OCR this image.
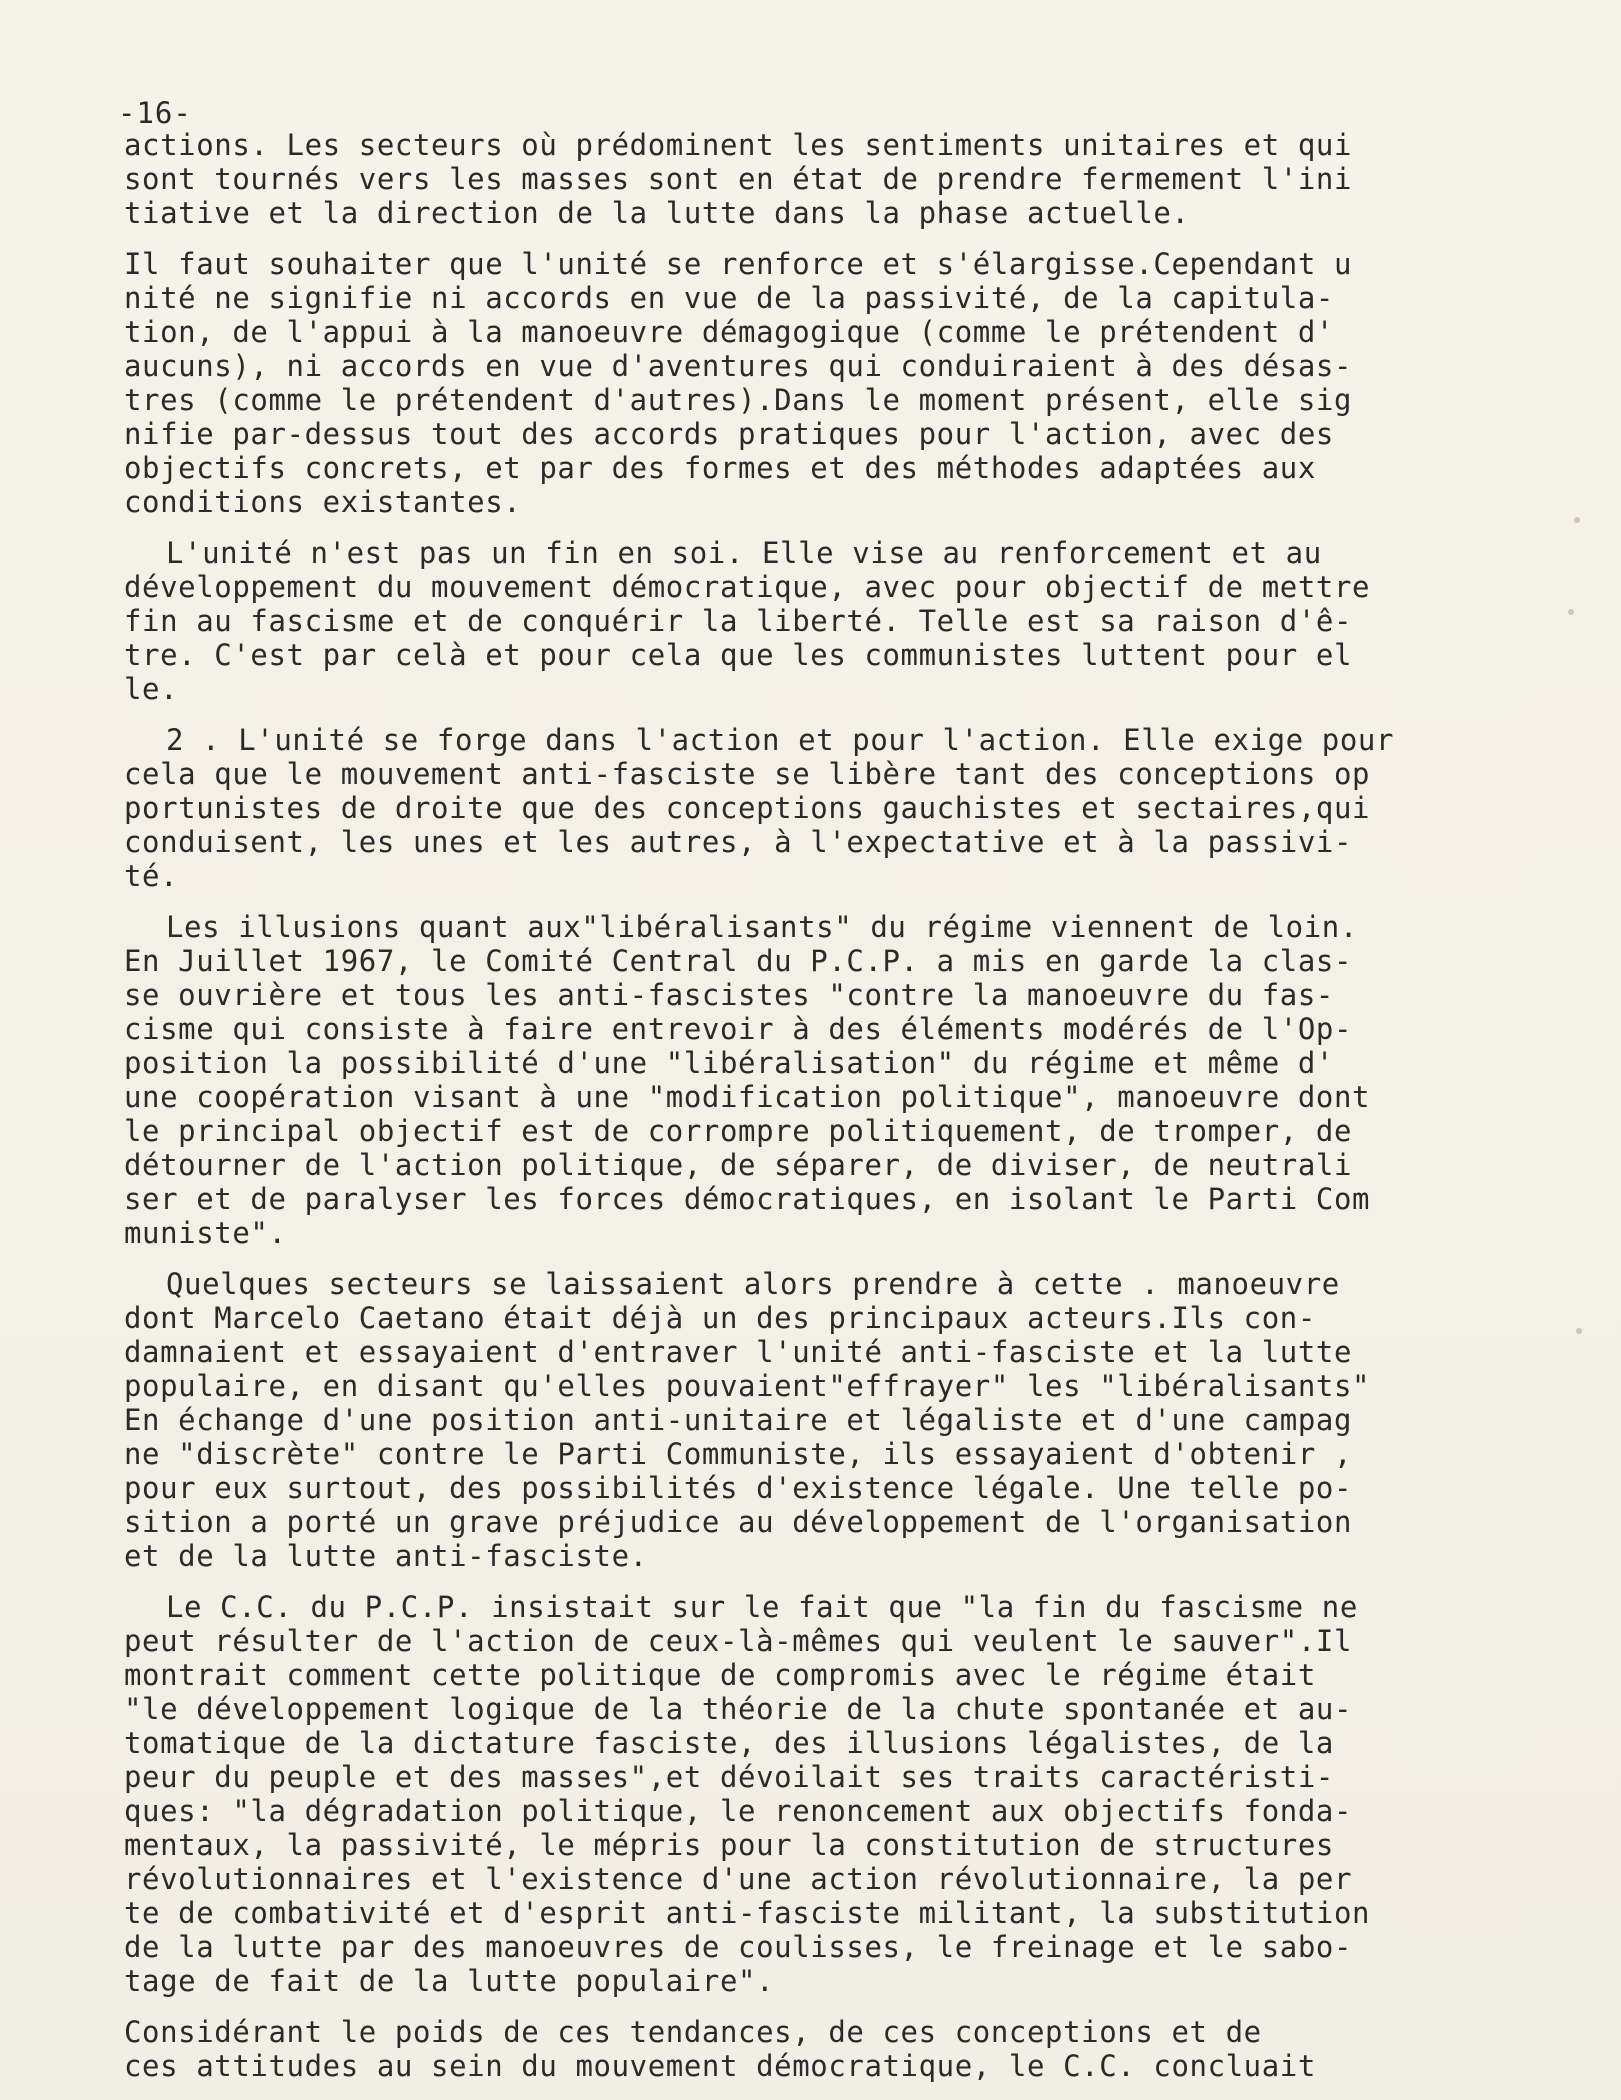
-16-
actions. Les secteurs où prédominent les sentiments unitaires et qui
sont tournés vers les masses sont en état de prendre fermement l'ini
tiative et la direction de la lutte dans la phase actuelle.
Il faut souhaiter que l'unité se renforce et s'élargisse.Cependant u
nité ne signifie ni accords en vue de la passivité, de la capitula-
tion, de l'appui à la manoeuvre démagogique (comme le prétendent d'
aucuns), ni accords en vue d'aventures qui conduiraient à des désas-
tres (comme le prétendent d'autres).Dans le moment présent, elle sig
nifie par-dessus tout des accords pratiques pour l'action, avec des
objectifs concrets, et par des formes et des méthodes adaptées aux
conditions existantes.
L'unité n'est pas un fin en soi. Elle vise au renforcement et au
développement du mouvement démocratique, avec pour objectif de mettre
fin au fascisme et de conquérir la liberté. Telle est sa raison d'ê-
tre. C'est par celà et pour cela que les communistes luttent pour el
le.
2 . L'unité se forge dans l'action et pour l'action. Elle exige pour
cela que le mouvement anti-fasciste se libère tant des conceptions op
portunistes de droite que des conceptions gauchistes et sectaires,qui
conduisent, les unes et les autres, à l'expectative et à la passivi-
té.
Les illusions quant aux"libéralisants" du régime viennent de loin.
En Juillet 1967, le Comité Central du P.C.P. a mis en garde la clas-
se ouvrière et tous les anti-fascistes "contre la manoeuvre du fas-
cisme qui consiste à faire entrevoir à des éléments modérés de l'Op-
position la possibilité d'une "libéralisation" du régime et même d'
une coopération visant à une "modification politique", manoeuvre dont
le principal objectif est de corrompre politiquement, de tromper, de
détourner de l'action politique, de séparer, de diviser, de neutrali
ser et de paralyser les forces démocratiques, en isolant le Parti Com
muniste".
Quelques secteurs se laissaient alors prendre à cette . manoeuvre
dont Marcelo Caetano était déjà un des principaux acteurs.Ils con-
damnaient et essayaient d'entraver l'unité anti-fasciste et la lutte
populaire, en disant qu'elles pouvaient"effrayer" les "libéralisants"
En échange d'une position anti-unitaire et légaliste et d'une campag
ne "discrète" contre le Parti Communiste, ils essayaient d'obtenir ,
pour eux surtout, des possibilités d'existence légale. Une telle po-
sition a porté un grave préjudice au développement de l'organisation
et de la lutte anti-fasciste.
Le C.C. du P.C.P. insistait sur le fait que "la fin du fascisme ne
peut résulter de l'action de ceux-là-mêmes qui veulent le sauver".Il
montrait comment cette politique de compromis avec le régime était
"le développement logique de la théorie de la chute spontanée et au-
tomatique de la dictature fasciste, des illusions légalistes, de la
peur du peuple et des masses",et dévoilait ses traits caractéristi-
ques: "la dégradation politique, le renoncement aux objectifs fonda-
mentaux, la passivité, le mépris pour la constitution de structures
révolutionnaires et l'existence d'une action révolutionnaire, la per
te de combativité et d'esprit anti-fasciste militant, la substitution
de la lutte par des manoeuvres de coulisses, le freinage et le sabo-
tage de fait de la lutte populaire".
Considérant le poids de ces tendances, de ces conceptions et de
ces attitudes au sein du mouvement démocratique, le C.C. concluait
